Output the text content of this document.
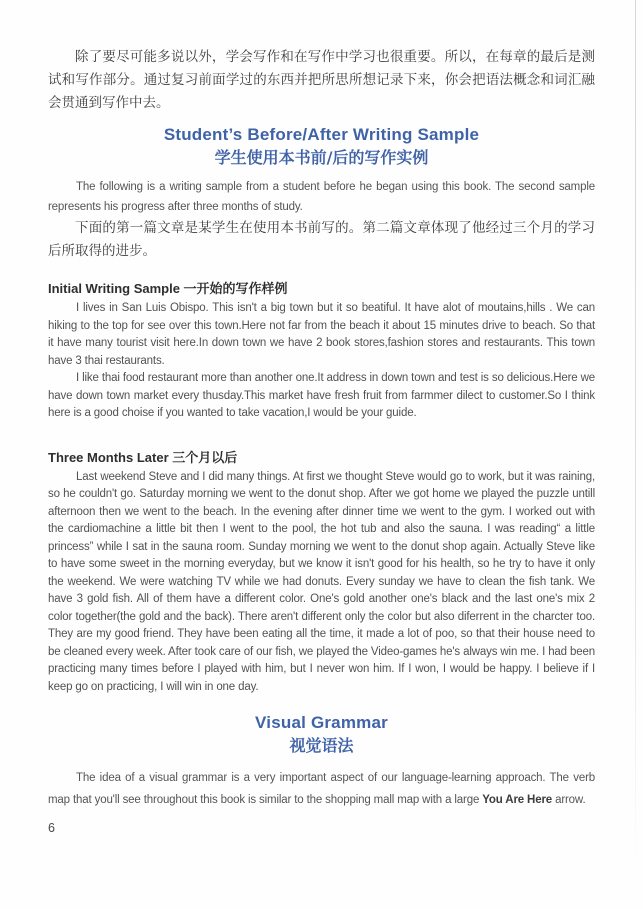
除了要尽可能多说以外，学会写作和在写作中学习也很重要。所以，在每章的最后是测试和写作部分。通过复习前面学过的东西并把所思所想记录下来，你会把语法概念和词汇融会贯通到写作中去。

Student’s Before/After Writing Sample
学生使用本书前/后的写作实例

The following is a writing sample from a student before he began using this book. The second sample represents his progress after three months of study.

下面的第一篇文章是某学生在使用本书前写的。第二篇文章体现了他经过三个月的学习后所取得的进步。

Initial Writing Sample 一开始的写作样例

I lives in San Luis Obispo. This isn't a big town but it so beatiful. It have alot of moutains,hills . We can hiking to the top for see over this town.Here not far from the beach it about 15 minutes drive to beach. So that it have many tourist visit here.In down town we have 2 book stores,fashion stores and restaurants. This town have 3 thai restaurants.

I like thai food restaurant more than another one.It address in down town and test is so delicious.Here we have down town market every thusday.This market have fresh fruit from farmmer dilect to customer.So I think here is a good choise if you wanted to take vacation,I would be your guide.

Three Months Later 三个月以后

Last weekend Steve and I did many things. At first we thought Steve would go to work, but it was raining, so he couldn't go. Saturday morning we went to the donut shop. After we got home we played the puzzle untill afternoon then we went to the beach. In the evening after dinner time we went to the gym. I worked out with the cardiomachine a little bit then I went to the pool, the hot tub and also the sauna. I was reading“ a little princess” while I sat in the sauna room. Sunday morning we went to the donut shop again. Actually Steve like to have some sweet in the morning everyday, but we know it isn't good for his health, so he try to have it only the weekend. We were watching TV while we had donuts. Every sunday we have to clean the fish tank. We have 3 gold fish. All of them have a different color. One's gold another one's black and the last one's mix 2 color together(the gold and the back). There aren't different only the color but also diferrent in the charcter too. They are my good friend. They have been eating all the time, it made a lot of poo, so that their house need to be cleaned every week. After took care of our fish, we played the Video-games he's always win me. I had been practicing many times before I played with him, but I never won him. If I won, I would be happy. I believe if I keep go on practicing, I will win in one day.

Visual Grammar
视觉语法

The idea of a visual grammar is a very important aspect of our language-learning approach. The verb map that you'll see throughout this book is similar to the shopping mall map with a large You Are Here arrow.

6
